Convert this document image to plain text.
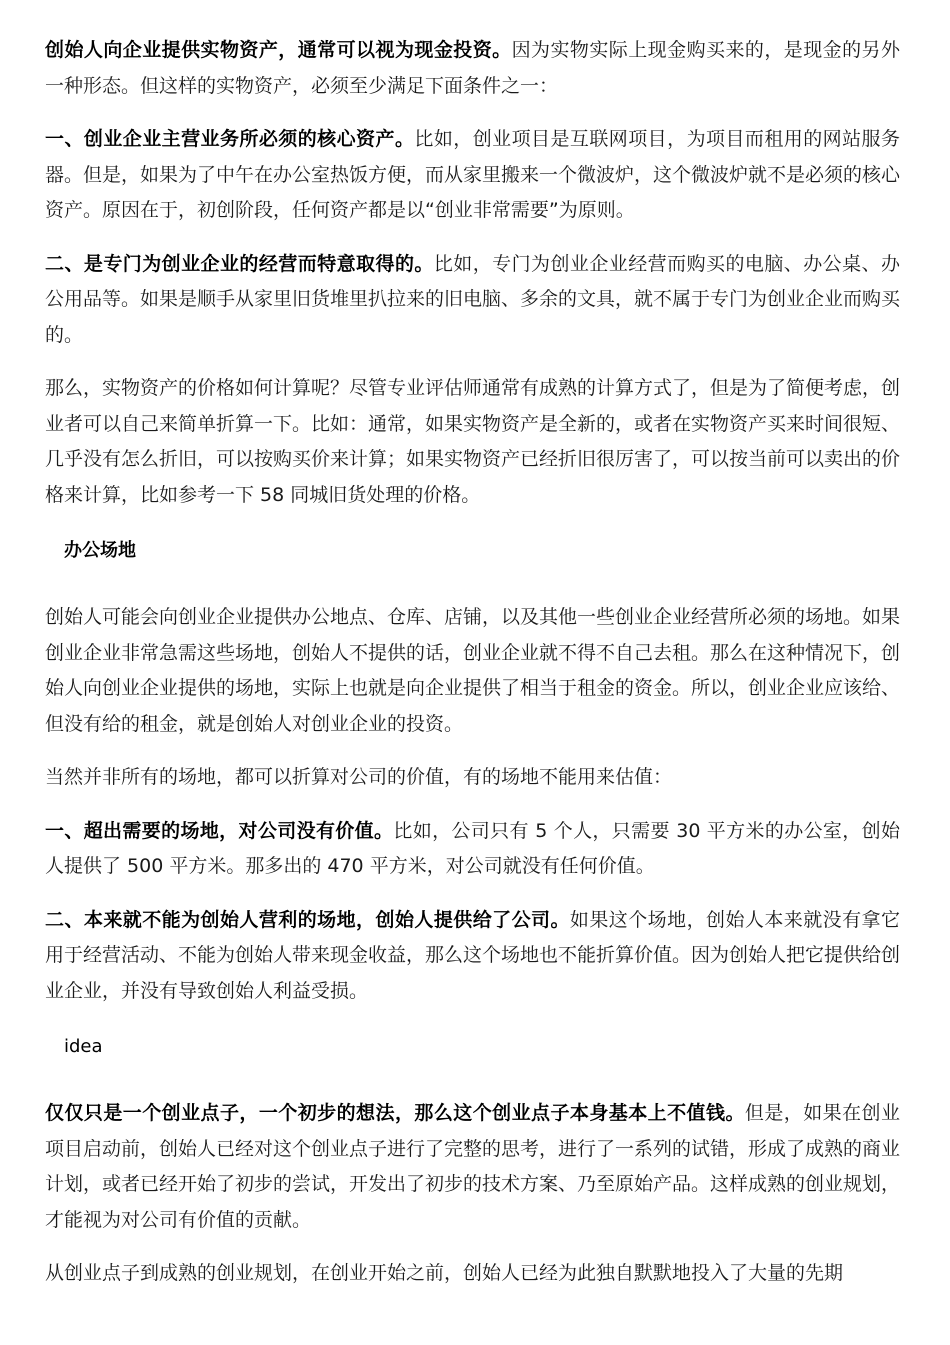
创始人向企业提供实物资产，通常可以视为现金投资。因为实物实际上现金购买来的，是现金的另外一种形态。但这样的实物资产，必须至少满足下面条件之一：

一、创业企业主营业务所必须的核心资产。比如，创业项目是互联网项目，为项目而租用的网站服务器。但是，如果为了中午在办公室热饭方便，而从家里搬来一个微波炉，这个微波炉就不是必须的核心资产。原因在于，初创阶段，任何资产都是以“创业非常需要”为原则。

二、是专门为创业企业的经营而特意取得的。比如，专门为创业企业经营而购买的电脑、办公桌、办公用品等。如果是顺手从家里旧货堆里扒拉来的旧电脑、多余的文具，就不属于专门为创业企业而购买的。

那么，实物资产的价格如何计算呢？尽管专业评估师通常有成熟的计算方式了，但是为了简便考虑，创业者可以自己来简单折算一下。比如：通常，如果实物资产是全新的，或者在实物资产买来时间很短、几乎没有怎么折旧，可以按购买价来计算；如果实物资产已经折旧很厉害了，可以按当前可以卖出的价格来计算，比如参考一下 58 同城旧货处理的价格。

办公场地

创始人可能会向创业企业提供办公地点、仓库、店铺，以及其他一些创业企业经营所必须的场地。如果创业企业非常急需这些场地，创始人不提供的话，创业企业就不得不自己去租。那么在这种情况下，创始人向创业企业提供的场地，实际上也就是向企业提供了相当于租金的资金。所以，创业企业应该给、但没有给的租金，就是创始人对创业企业的投资。

当然并非所有的场地，都可以折算对公司的价值，有的场地不能用来估值：

一、超出需要的场地，对公司没有价值。比如，公司只有 5 个人，只需要 30 平方米的办公室，创始人提供了 500 平方米。那多出的 470 平方米，对公司就没有任何价值。

二、本来就不能为创始人营利的场地，创始人提供给了公司。如果这个场地，创始人本来就没有拿它用于经营活动、不能为创始人带来现金收益，那么这个场地也不能折算价值。因为创始人把它提供给创业企业，并没有导致创始人利益受损。

idea

仅仅只是一个创业点子，一个初步的想法，那么这个创业点子本身基本上不值钱。但是，如果在创业项目启动前，创始人已经对这个创业点子进行了完整的思考，进行了一系列的试错，形成了成熟的商业计划，或者已经开始了初步的尝试，开发出了初步的技术方案、乃至原始产品。这样成熟的创业规划，才能视为对公司有价值的贡献。

从创业点子到成熟的创业规划，在创业开始之前，创始人已经为此独自默默地投入了大量的先期
